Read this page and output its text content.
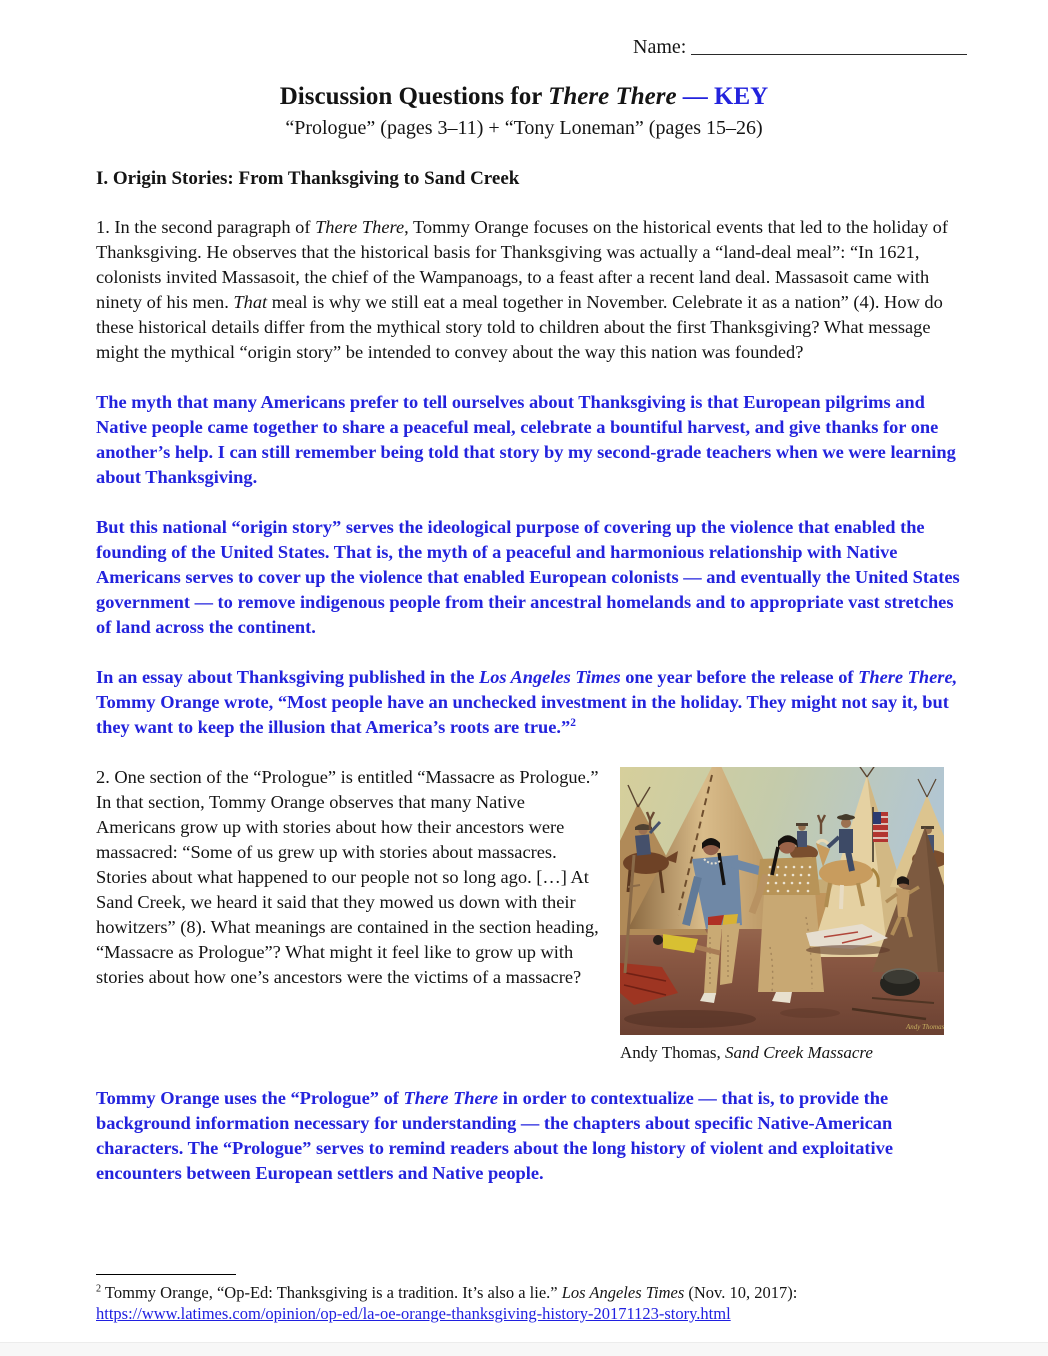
Name:
Discussion Questions for There There — KEY
“Prologue” (pages 3–11) + “Tony Loneman” (pages 15–26)
I. Origin Stories: From Thanksgiving to Sand Creek

1. In the second paragraph of There There, Tommy Orange focuses on the historical events that led to the holiday of Thanksgiving. He observes that the historical basis for Thanksgiving was actually a “land-deal meal”: “In 1621, colonists invited Massasoit, the chief of the Wampanoags, to a feast after a recent land deal. Massasoit came with ninety of his men. That meal is why we still eat a meal together in November. Celebrate it as a nation” (4). How do these historical details differ from the mythical story told to children about the first Thanksgiving? What message might the mythical “origin story” be intended to convey about the way this nation was founded?

The myth that many Americans prefer to tell ourselves about Thanksgiving is that European pilgrims and Native people came together to share a peaceful meal, celebrate a bountiful harvest, and give thanks for one another’s help. I can still remember being told that story by my second-grade teachers when we were learning about Thanksgiving.

But this national “origin story” serves the ideological purpose of covering up the violence that enabled the founding of the United States. That is, the myth of a peaceful and harmonious relationship with Native Americans serves to cover up the violence that enabled European colonists — and eventually the United States government — to remove indigenous people from their ancestral homelands and to appropriate vast stretches of land across the continent.

In an essay about Thanksgiving published in the Los Angeles Times one year before the release of There There, Tommy Orange wrote, “Most people have an unchecked investment in the holiday. They might not say it, but they want to keep the illusion that America’s roots are true.”$^2$

2. One section of the “Prologue” is entitled “Massacre as Prologue.” In that section, Tommy Orange observes that many Native Americans grow up with stories about how their ancestors were massacred: “Some of us grew up with stories about massacres. Stories about what happened to our people not so long ago. […] At Sand Creek, we heard it said that they mowed us down with their howitzers” (8). What meanings are contained in the section heading, “Massacre as Prologue”? What might it feel like to grow up with stories about how one’s ancestors were the victims of a massacre?

Andy Thomas
Andy Thomas, Sand Creek Massacre

Tommy Orange uses the “Prologue” of There There in order to contextualize — that is, to provide the background information necessary for understanding — the chapters about specific Native-American characters. The “Prologue” serves to remind readers about the long history of violent and exploitative encounters between European settlers and Native people.

$^2$ Tommy Orange, “Op-Ed: Thanksgiving is a tradition. It’s also a lie.” Los Angeles Times (Nov. 10, 2017):
https://www.latimes.com/opinion/op-ed/la-oe-orange-thanksgiving-history-20171123-story.html
